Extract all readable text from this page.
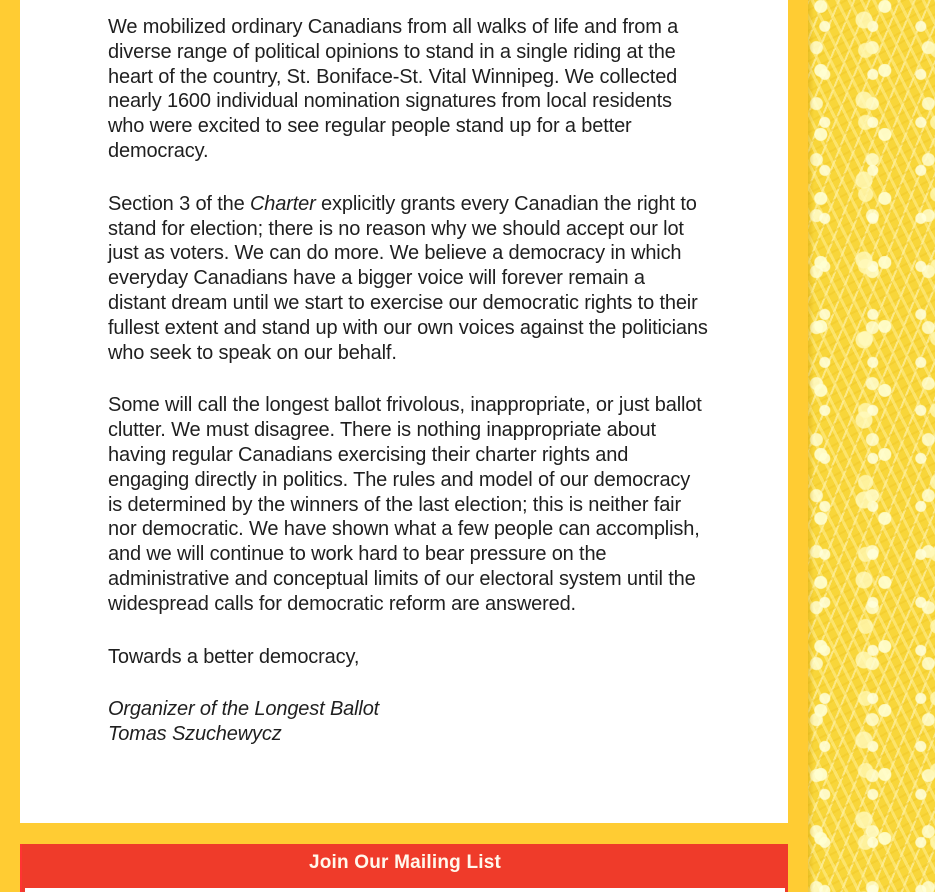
We mobilized ordinary Canadians from all walks of life and from a diverse range of political opinions to stand in a single riding at the heart of the country, St. Boniface-St. Vital Winnipeg. We collected nearly 1600 individual nomination signatures from local residents who were excited to see regular people stand up for a better democracy.

Section 3 of the Charter explicitly grants every Canadian the right to stand for election; there is no reason why we should accept our lot just as voters. We can do more. We believe a democracy in which everyday Canadians have a bigger voice will forever remain a distant dream until we start to exercise our democratic rights to their fullest extent and stand up with our own voices against the politicians who seek to speak on our behalf.

Some will call the longest ballot frivolous, inappropriate, or just ballot clutter. We must disagree. There is nothing inappropriate about having regular Canadians exercising their charter rights and engaging directly in politics. The rules and model of our democracy is determined by the winners of the last election; this is neither fair nor democratic. We have shown what a few people can accomplish, and we will continue to work hard to bear pressure on the administrative and conceptual limits of our electoral system until the widespread calls for democratic reform are answered.

Towards a better democracy,

Organizer of the Longest Ballot

Tomas Szuchewycz

Join Our Mailing List
